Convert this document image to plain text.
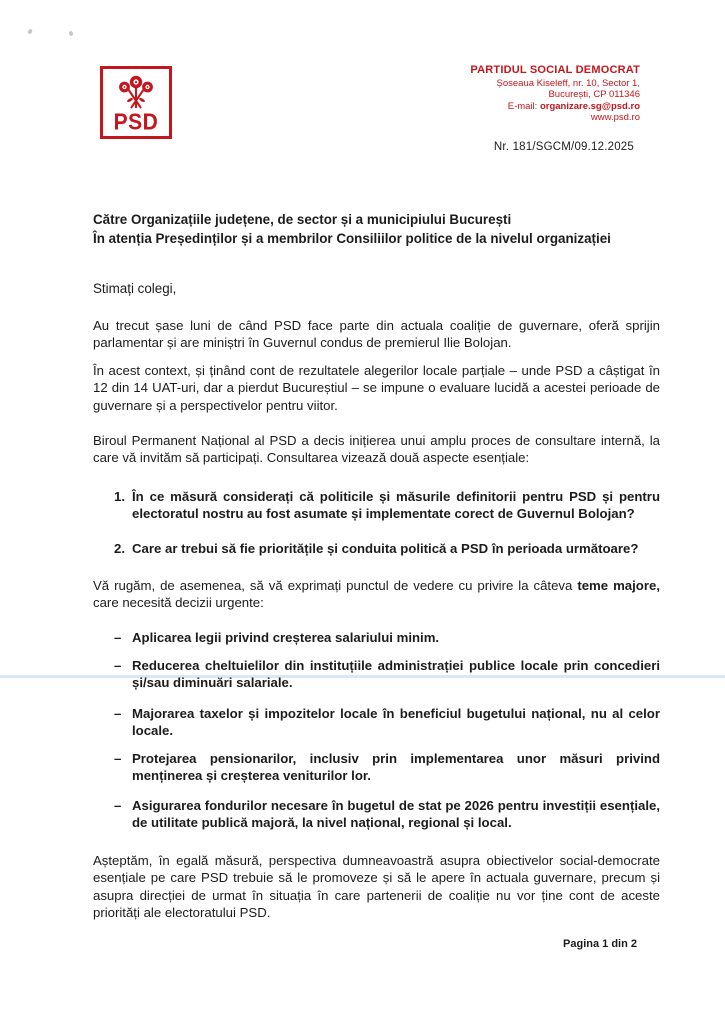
PSD
PARTIDUL SOCIAL DEMOCRAT
Șoseaua Kiseleff, nr. 10, Sector 1,
București, CP 011346
E-mail: organizare.sg@psd.ro
www.psd.ro
Nr. 181/SGCM/09.12.2025
Către Organizațiile județene, de sector și a municipiului București
În atenția Președinților și a membrilor Consiliilor politice de la nivelul organizației
Stimați colegi,

Au trecut șase luni de când PSD face parte din actuala coaliție de guvernare, oferă sprijin parlamentar și are miniștri în Guvernul condus de premierul Ilie Bolojan.

În acest context, și ținând cont de rezultatele alegerilor locale parțiale – unde PSD a câștigat în 12 din 14 UAT-uri, dar a pierdut Bucureștiul – se impune o evaluare lucidă a acestei perioade de guvernare și a perspectivelor pentru viitor.

Biroul Permanent Național al PSD a decis inițierea unui amplu proces de consultare internă, la care vă invităm să participați. Consultarea vizează două aspecte esențiale:

1. În ce măsură considerați că politicile și măsurile definitorii pentru PSD și pentru electoratul nostru au fost asumate și implementate corect de Guvernul Bolojan?
2. Care ar trebui să fie prioritățile și conduita politică a PSD în perioada următoare?

Vă rugăm, de asemenea, să vă exprimați punctul de vedere cu privire la câteva teme majore, care necesită decizii urgente:

– Aplicarea legii privind creșterea salariului minim.
– Reducerea cheltuielilor din instituțiile administrației publice locale prin concedieri și/sau diminuări salariale.
– Majorarea taxelor și impozitelor locale în beneficiul bugetului național, nu al celor locale.
– Protejarea pensionarilor, inclusiv prin implementarea unor măsuri privind menținerea și creșterea veniturilor lor.
– Asigurarea fondurilor necesare în bugetul de stat pe 2026 pentru investiții esențiale, de utilitate publică majoră, la nivel național, regional și local.

Așteptăm, în egală măsură, perspectiva dumneavoastră asupra obiectivelor social-democrate esențiale pe care PSD trebuie să le promoveze și să le apere în actuala guvernare, precum și asupra direcției de urmat în situația în care partenerii de coaliție nu vor ține cont de aceste priorități ale electoratului PSD.

Pagina 1 din 2
